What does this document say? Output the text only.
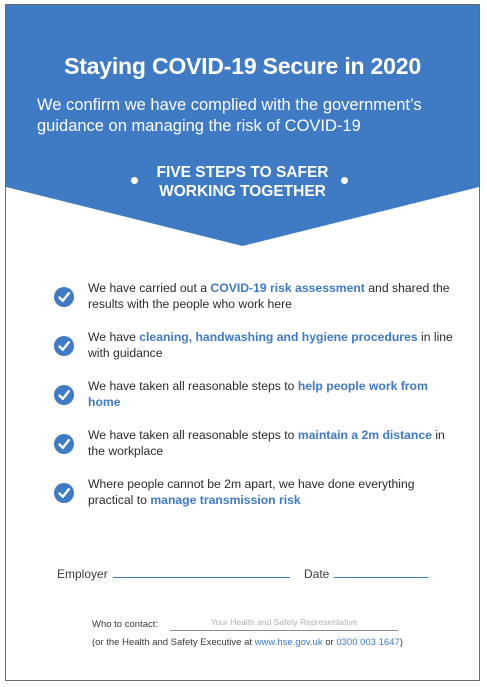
Staying COVID-19 Secure in 2020
We confirm we have complied with the government’s guidance on managing the risk of COVID-19
FIVE STEPS TO SAFER
WORKING TOGETHER
We have carried out a COVID-19 risk assessment and shared the results with the people who work here
We have cleaning, handwashing and hygiene procedures in line with guidance
We have taken all reasonable steps to help people work from home
We have taken all reasonable steps to maintain a 2m distance in the workplace
Where people cannot be 2m apart, we have done everything practical to manage transmission risk
Employer	Date
Who to contact:	Your Health and Safety Representative
(or the Health and Safety Executive at www.hse.gov.uk or 0300 003 1647)
